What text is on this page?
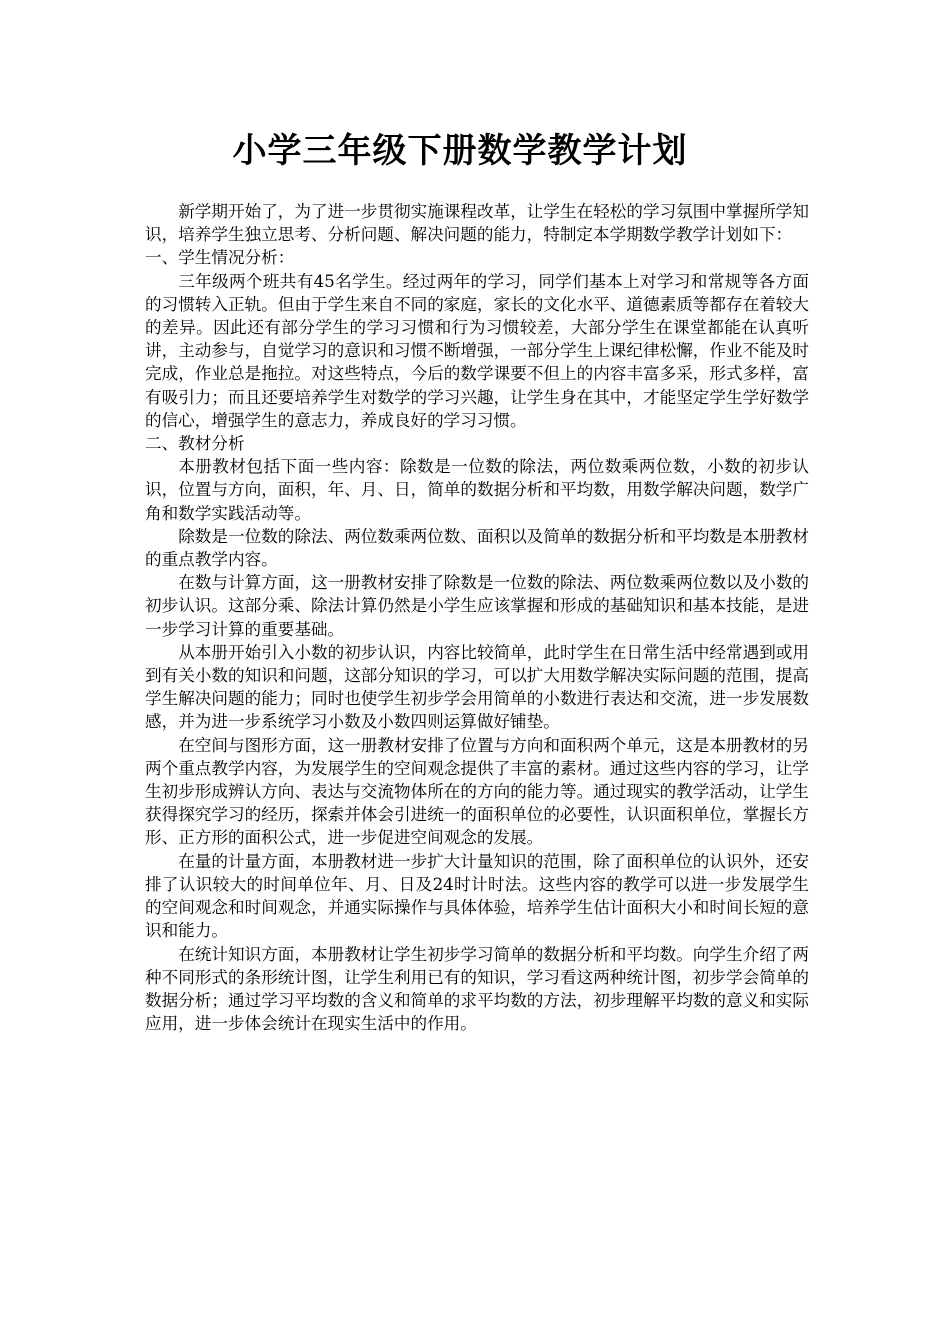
小学三年级下册数学教学计划

新学期开始了，为了进一步贯彻实施课程改革，让学生在轻松的学习氛围中掌握所学知识，培养学生独立思考、分析问题、解决问题的能力，特制定本学期数学教学计划如下：

一、学生情况分析：

三年级两个班共有45名学生。经过两年的学习，同学们基本上对学习和常规等各方面的习惯转入正轨。但由于学生来自不同的家庭，家长的文化水平、道德素质等都存在着较大的差异。因此还有部分学生的学习习惯和行为习惯较差，大部分学生在课堂都能在认真听讲，主动参与，自觉学习的意识和习惯不断增强，一部分学生上课纪律松懈，作业不能及时完成，作业总是拖拉。对这些特点，今后的数学课要不但上的内容丰富多采，形式多样，富有吸引力；而且还要培养学生对数学的学习兴趣，让学生身在其中，才能坚定学生学好数学的信心，增强学生的意志力，养成良好的学习习惯。

二、教材分析

本册教材包括下面一些内容：除数是一位数的除法，两位数乘两位数，小数的初步认识，位置与方向，面积，年、月、日，简单的数据分析和平均数，用数学解决问题，数学广角和数学实践活动等。

除数是一位数的除法、两位数乘两位数、面积以及简单的数据分析和平均数是本册教材的重点教学内容。

在数与计算方面，这一册教材安排了除数是一位数的除法、两位数乘两位数以及小数的初步认识。这部分乘、除法计算仍然是小学生应该掌握和形成的基础知识和基本技能，是进一步学习计算的重要基础。

从本册开始引入小数的初步认识，内容比较简单，此时学生在日常生活中经常遇到或用到有关小数的知识和问题，这部分知识的学习，可以扩大用数学解决实际问题的范围，提高学生解决问题的能力；同时也使学生初步学会用简单的小数进行表达和交流，进一步发展数感，并为进一步系统学习小数及小数四则运算做好铺垫。

在空间与图形方面，这一册教材安排了位置与方向和面积两个单元，这是本册教材的另两个重点教学内容，为发展学生的空间观念提供了丰富的素材。通过这些内容的学习，让学生初步形成辨认方向、表达与交流物体所在的方向的能力等。通过现实的教学活动，让学生获得探究学习的经历，探索并体会引进统一的面积单位的必要性，认识面积单位，掌握长方形、正方形的面积公式，进一步促进空间观念的发展。

在量的计量方面，本册教材进一步扩大计量知识的范围，除了面积单位的认识外，还安排了认识较大的时间单位年、月、日及24时计时法。这些内容的教学可以进一步发展学生的空间观念和时间观念，并通实际操作与具体体验，培养学生估计面积大小和时间长短的意识和能力。

在统计知识方面，本册教材让学生初步学习简单的数据分析和平均数。向学生介绍了两种不同形式的条形统计图，让学生利用已有的知识，学习看这两种统计图，初步学会简单的数据分析；通过学习平均数的含义和简单的求平均数的方法，初步理解平均数的意义和实际应用，进一步体会统计在现实生活中的作用。
